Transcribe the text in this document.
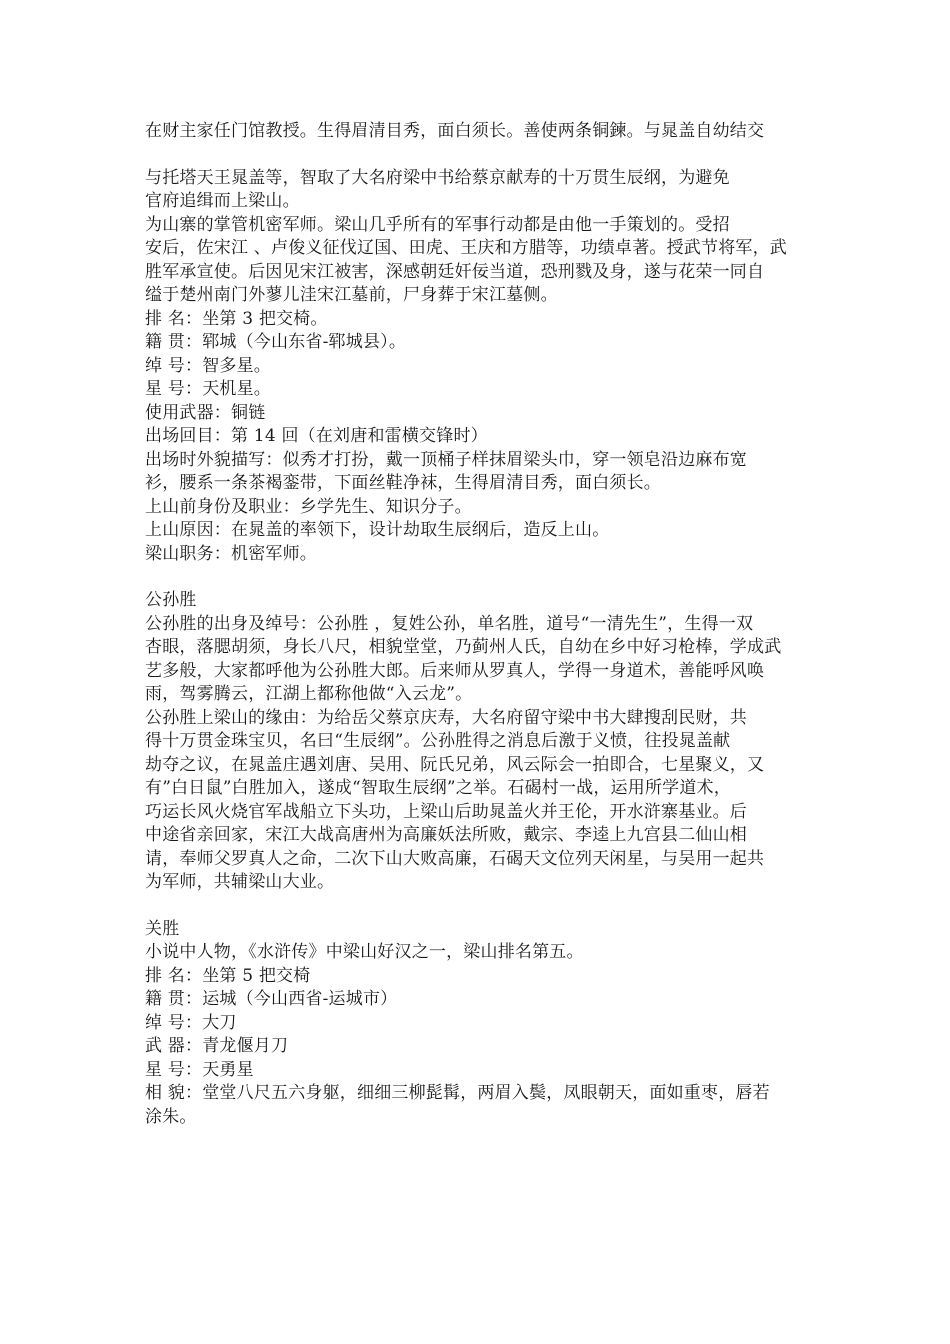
在财主家任门馆教授。生得眉清目秀，面白须长。善使两条铜鍊。与晁盖自幼结交
与托塔天王晁盖等，智取了大名府梁中书给蔡京献寿的十万贯生辰纲，为避免
官府追缉而上梁山。
为山寨的掌管机密军师。梁山几乎所有的军事行动都是由他一手策划的。受招
安后，佐宋江 、卢俊义征伐辽国、田虎、王庆和方腊等，功绩卓著。授武节将军，武
胜军承宣使。后因见宋江被害，深感朝廷奸佞当道，恐刑戮及身，遂与花荣一同自
缢于楚州南门外蓼儿洼宋江墓前，尸身葬于宋江墓侧。
排 名：坐第 3 把交椅。
籍 贯：郓城（今山东省-郓城县）。
绰 号：智多星。
星 号：天机星。
使用武器：铜链
出场回目：第 14 回（在刘唐和雷横交锋时）
出场时外貌描写：似秀才打扮，戴一顶桶子样抹眉梁头巾，穿一领皂沿边麻布宽
衫，腰系一条茶褐銮带，下面丝鞋净袜，生得眉清目秀，面白须长。
上山前身份及职业：乡学先生、知识分子。
上山原因：在晁盖的率领下，设计劫取生辰纲后，造反上山。
梁山职务：机密军师。
公孙胜
公孙胜的出身及绰号：公孙胜 ，复姓公孙，单名胜，道号“一清先生”，生得一双
杏眼，落腮胡须，身长八尺，相貌堂堂，乃蓟州人氏，自幼在乡中好习枪棒，学成武
艺多般，大家都呼他为公孙胜大郎。后来师从罗真人，学得一身道术，善能呼风唤
雨，驾雾腾云，江湖上都称他做“入云龙”。
公孙胜上梁山的缘由：为给岳父蔡京庆寿，大名府留守梁中书大肆搜刮民财，共
得十万贯金珠宝贝，名曰“生辰纲”。公孙胜得之消息后激于义愤，往投晁盖献
劫夺之议，在晁盖庄遇刘唐、吴用、阮氏兄弟，风云际会一拍即合，七星聚义，又
有”白日鼠”白胜加入，遂成“智取生辰纲”之举。石碣村一战，运用所学道术，
巧运长风火烧官军战船立下头功，上梁山后助晁盖火并王伦，开水浒寨基业。后
中途省亲回家，宋江大战高唐州为高廉妖法所败，戴宗、李逵上九宫县二仙山相
请，奉师父罗真人之命，二次下山大败高廉，石碣天文位列天闲星，与吴用一起共
为军师，共辅梁山大业。
关胜
小说中人物，《水浒传》中梁山好汉之一，梁山排名第五。
排 名：坐第 5 把交椅
籍 贯：运城（今山西省-运城市）
绰 号：大刀
武 器：青龙偃月刀
星 号：天勇星
相 貌：堂堂八尺五六身躯，细细三柳髭髯，两眉入鬓，凤眼朝天，面如重枣，唇若
涂朱。
